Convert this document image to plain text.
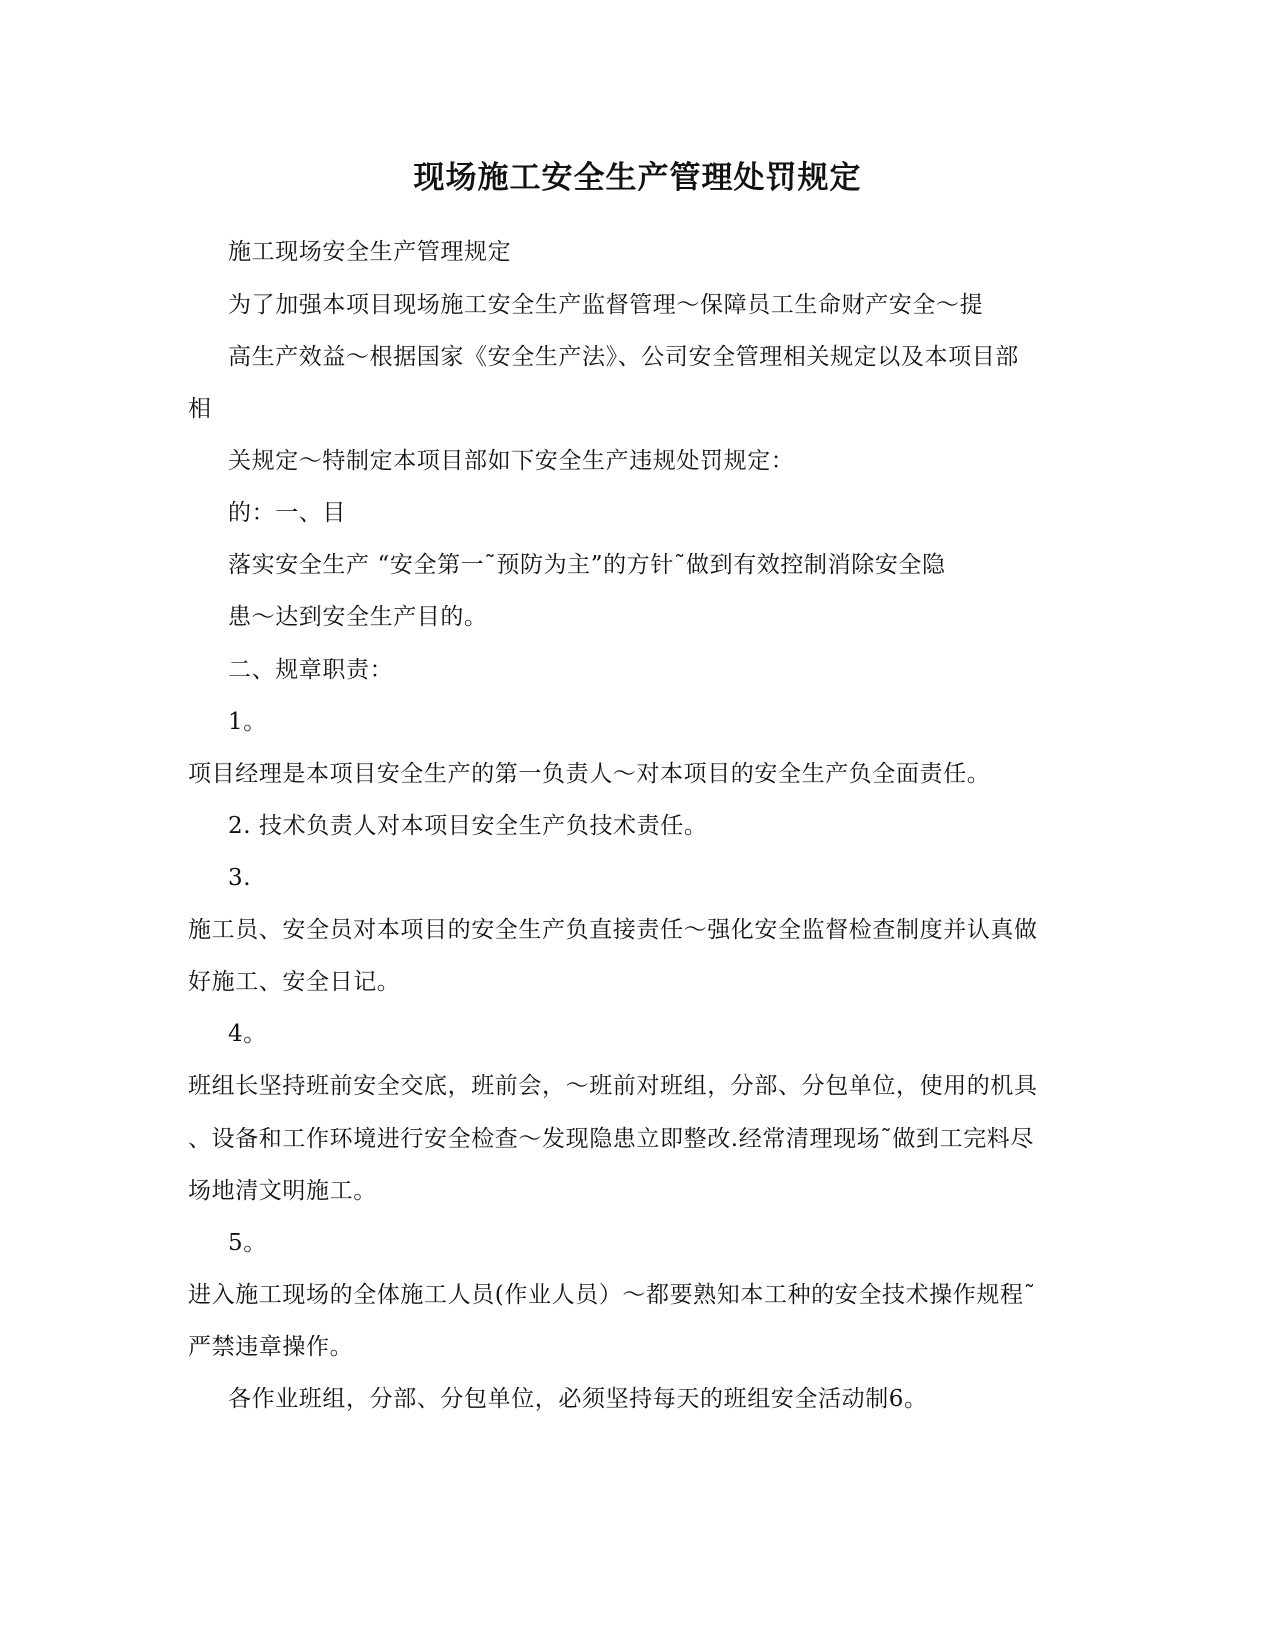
现场施工安全生产管理处罚规定
施工现场安全生产管理规定
为了加强本项目现场施工安全生产监督管理～保障员工生命财产安全～提
高生产效益～根据国家《安全生产法》、公司安全管理相关规定以及本项目部
相
关规定～特制定本项目部如下安全生产违规处罚规定：
的：一、目
落实安全生产 “安全第一˜预防为主”的方针˜做到有效控制消除安全隐
患～达到安全生产目的。
二、规章职责：
1。
项目经理是本项目安全生产的第一负责人～对本项目的安全生产负全面责任。
2. 技术负责人对本项目安全生产负技术责任。
3.
施工员、安全员对本项目的安全生产负直接责任～强化安全监督检查制度并认真做
好施工、安全日记。
4。
班组长坚持班前安全交底，班前会，～班前对班组，分部、分包单位，使用的机具
、设备和工作环境进行安全检查～发现隐患立即整改.经常清理现场˜做到工完料尽
场地清文明施工。
5。
进入施工现场的全体施工人员(作业人员）～都要熟知本工种的安全技术操作规程˜
严禁违章操作。
各作业班组，分部、分包单位，必须坚持每天的班组安全活动制6。
